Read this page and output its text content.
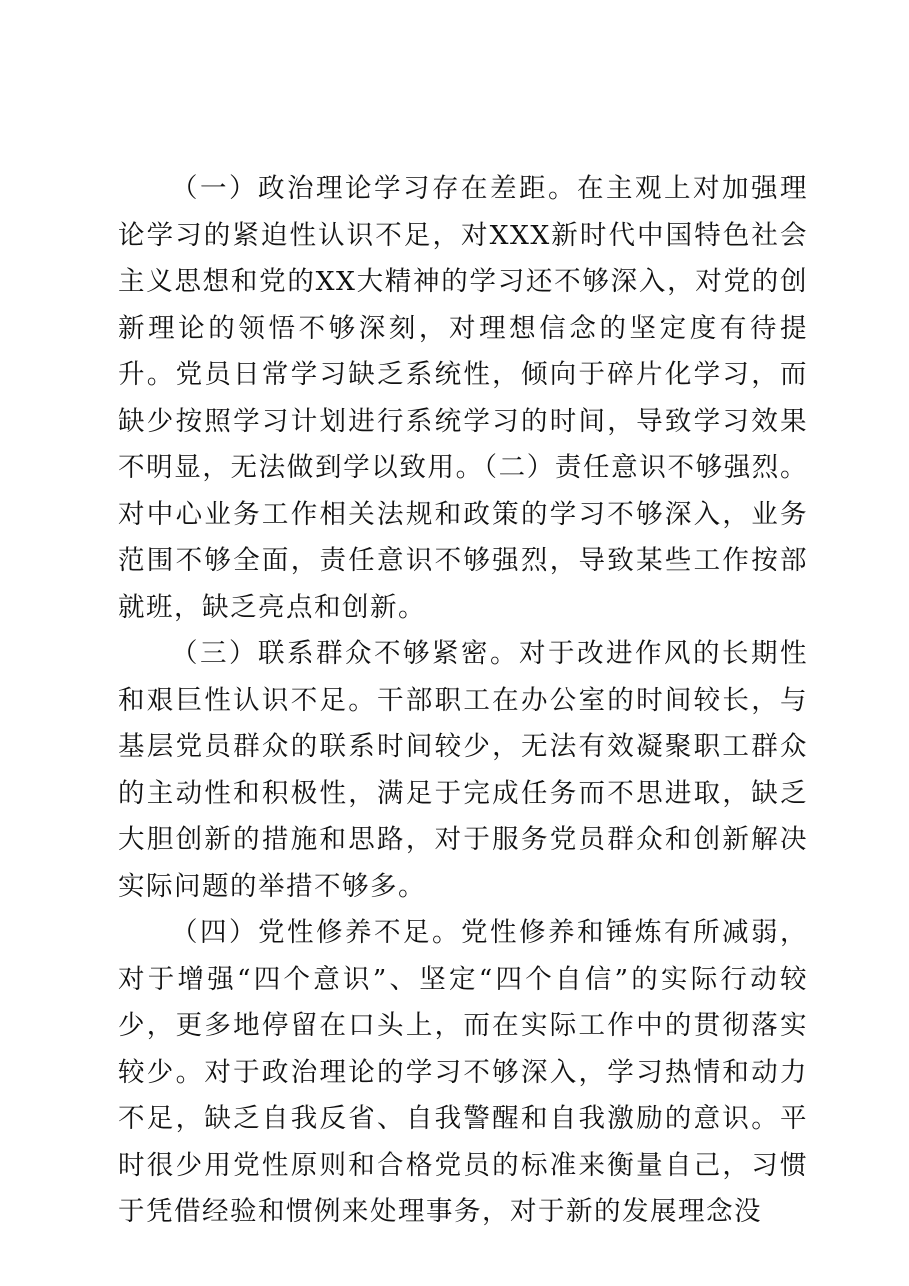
（一）政治理论学习存在差距。在主观上对加强理论学习的紧迫性认识不足，对XXX新时代中国特色社会主义思想和党的XX大精神的学习还不够深入，对党的创新理论的领悟不够深刻，对理想信念的坚定度有待提升。党员日常学习缺乏系统性，倾向于碎片化学习，而缺少按照学习计划进行系统学习的时间，导致学习效果不明显，无法做到学以致用。（二）责任意识不够强烈。对中心业务工作相关法规和政策的学习不够深入，业务范围不够全面，责任意识不够强烈，导致某些工作按部就班，缺乏亮点和创新。

（三）联系群众不够紧密。对于改进作风的长期性和艰巨性认识不足。干部职工在办公室的时间较长，与基层党员群众的联系时间较少，无法有效凝聚职工群众的主动性和积极性，满足于完成任务而不思进取，缺乏大胆创新的措施和思路，对于服务党员群众和创新解决实际问题的举措不够多。

（四）党性修养不足。党性修养和锤炼有所减弱，对于增强“四个意识”、坚定“四个自信”的实际行动较少，更多地停留在口头上，而在实际工作中的贯彻落实较少。对于政治理论的学习不够深入，学习热情和动力不足，缺乏自我反省、自我警醒和自我激励的意识。平时很少用党性原则和合格党员的标准来衡量自己，习惯于凭借经验和惯例来处理事务，对于新的发展理念没
